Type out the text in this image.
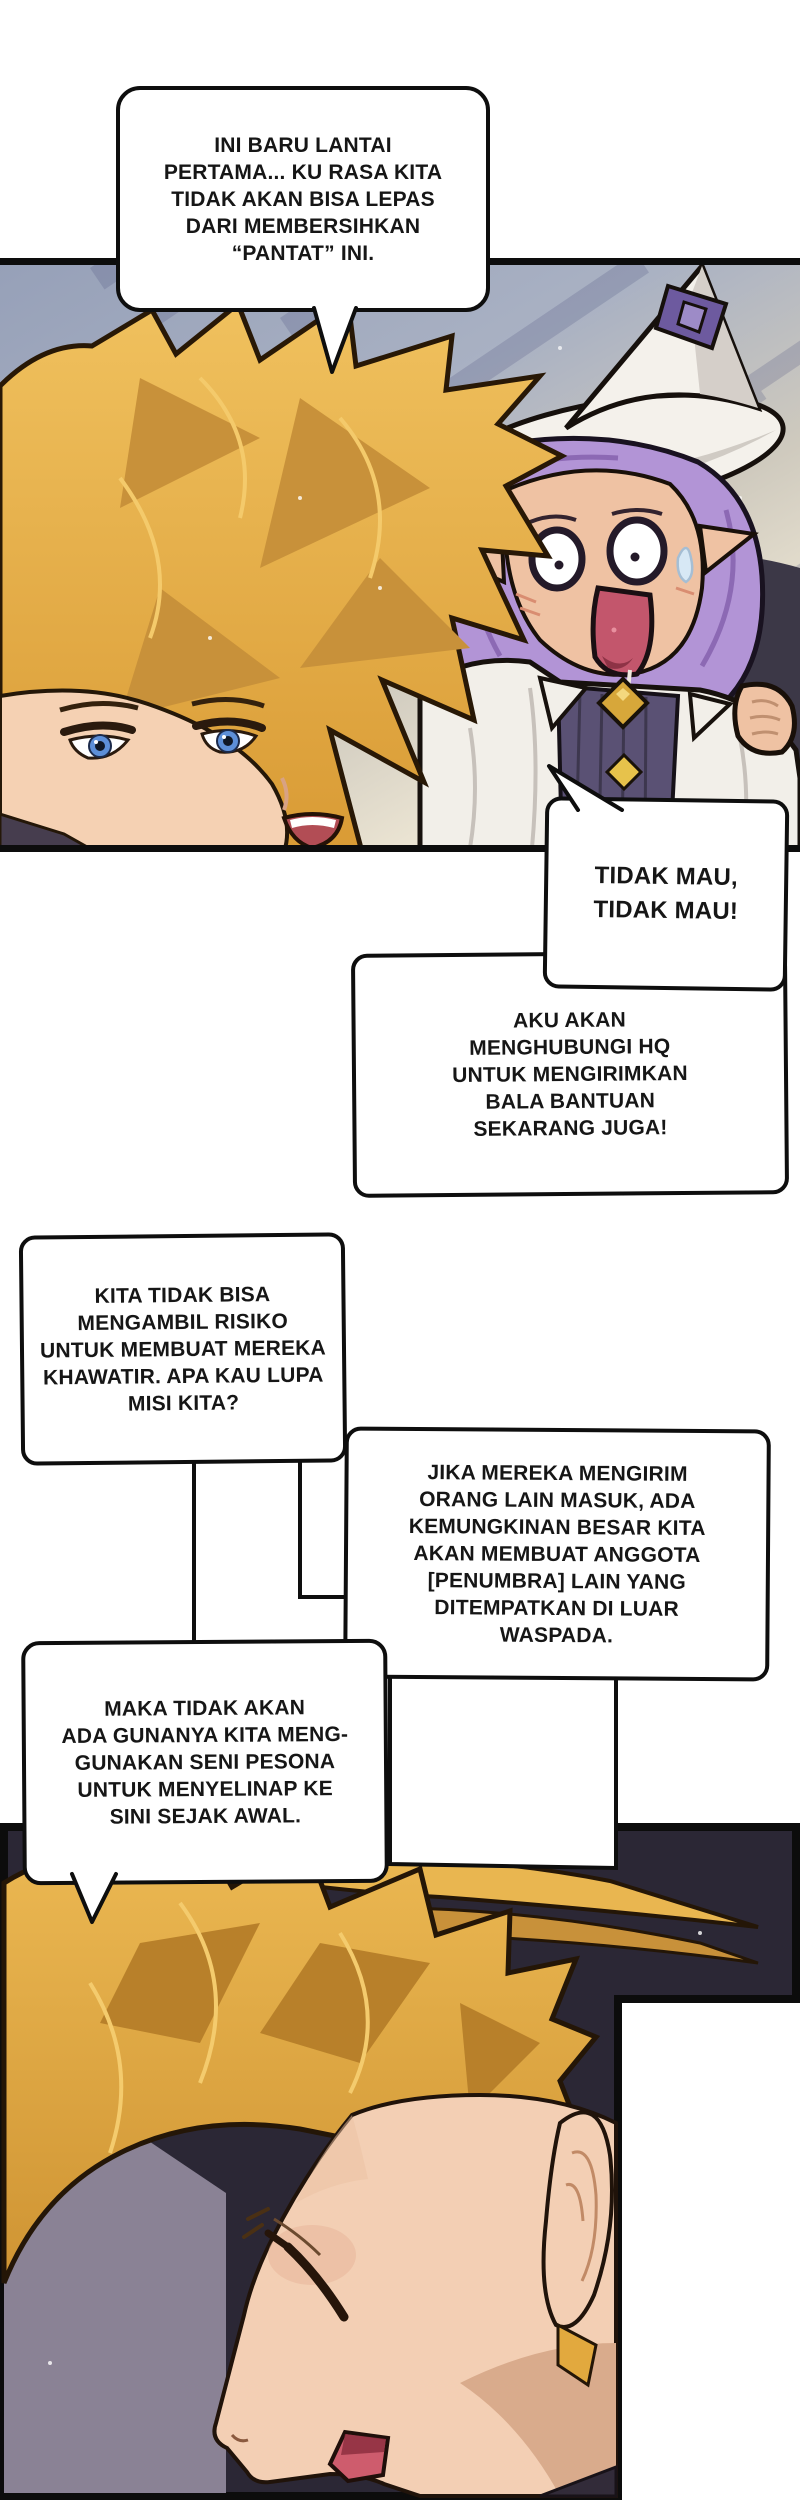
INI BARU LANTAI
PERTAMA... KU RASA KITA
TIDAK AKAN BISA LEPAS
DARI MEMBERSIHKAN
“PANTAT” INI.
TIDAK MAU,
TIDAK MAU!
AKU AKAN
MENGHUBUNGI HQ
UNTUK MENGIRIMKAN
BALA BANTUAN
SEKARANG JUGA!
KITA TIDAK BISA
MENGAMBIL RISIKO
UNTUK MEMBUAT MEREKA
KHAWATIR. APA KAU LUPA
MISI KITA?
JIKA MEREKA MENGIRIM
ORANG LAIN MASUK, ADA
KEMUNGKINAN BESAR KITA
AKAN MEMBUAT ANGGOTA
[PENUMBRA] LAIN YANG
DITEMPATKAN DI LUAR
WASPADA.
MAKA TIDAK AKAN
ADA GUNANYA KITA MENG-
GUNAKAN SENI PESONA
UNTUK MENYELINAP KE
SINI SEJAK AWAL.
